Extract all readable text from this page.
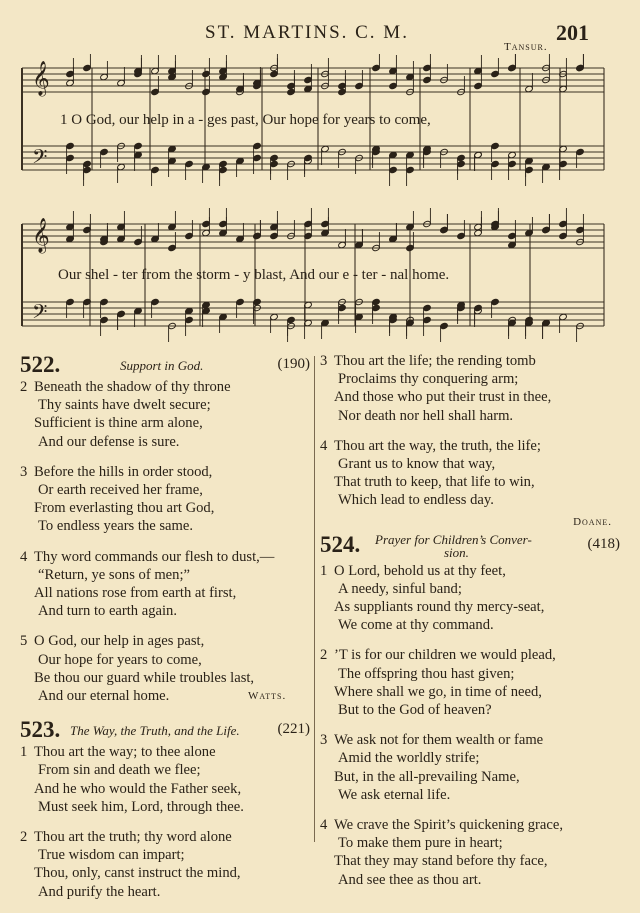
ST. MARTINS. C. M.	201
Tansur.
𝄞
𝄢
𝄞
𝄢
1 O God, our help in a - ges past, Our hope for years to come,
Our shel - ter from the storm - y blast, And our e - ter - nal home.
522.	Support in God.	(190)
2 Beneath the shadow of thy throne
Thy saints have dwelt secure;
Sufficient is thine arm alone,
And our defense is sure.
3 Before the hills in order stood,
Or earth received her frame,
From everlasting thou art God,
To endless years the same.
4 Thy word commands our flesh to dust,—
“Return, ye sons of men;”
All nations rose from earth at first,
And turn to earth again.
5 O God, our help in ages past,
Our hope for years to come,
Be thou our guard while troubles last,
And our eternal home.	Watts.
523. The Way, the Truth, and the Life.	(221)
1 Thou art the way; to thee alone
From sin and death we flee;
And he who would the Father seek,
Must seek him, Lord, through thee.
2 Thou art the truth; thy word alone
True wisdom can impart;
Thou, only, canst instruct the mind,
And purify the heart.
3 Thou art the life; the rending tomb
Proclaims thy conquering arm;
And those who put their trust in thee,
Nor death nor hell shall harm.
4 Thou art the way, the truth, the life;
Grant us to know that way,
That truth to keep, that life to win,
Which lead to endless day.
Doane.
524. Prayer for Children’s Conver-
sion.
(418)
1 O Lord, behold us at thy feet,
A needy, sinful band;
As suppliants round thy mercy-seat,
We come at thy command.
2 ’T is for our children we would plead,
The offspring thou hast given;
Where shall we go, in time of need,
But to the God of heaven?
3 We ask not for them wealth or fame
Amid the worldly strife;
But, in the all-prevailing Name,
We ask eternal life.
4 We crave the Spirit’s quickening grace,
To make them pure in heart;
That they may stand before thy face,
And see thee as thou art.
